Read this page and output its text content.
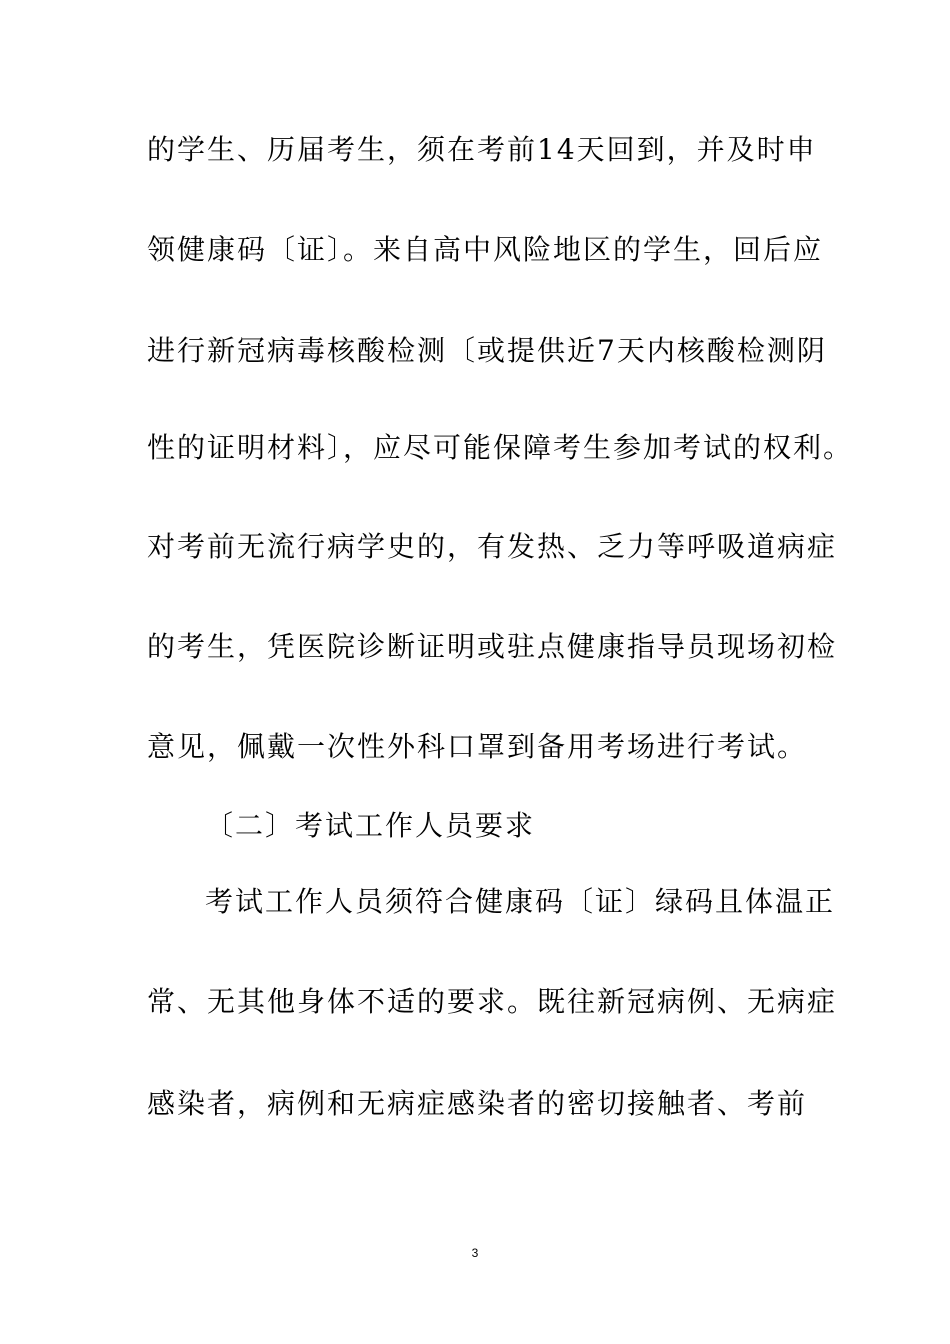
的学生、历届考生，须在考前14天回到，并及时申
领健康码〔证〕。来自高中风险地区的学生，回后应
进行新冠病毒核酸检测〔或提供近7天内核酸检测阴
性的证明材料〕，应尽可能保障考生参加考试的权利。
对考前无流行病学史的，有发热、乏力等呼吸道病症
的考生，凭医院诊断证明或驻点健康指导员现场初检
意见，佩戴一次性外科口罩到备用考场进行考试。
〔二〕考试工作人员要求
考试工作人员须符合健康码〔证〕绿码且体温正
常、无其他身体不适的要求。既往新冠病例、无病症
感染者，病例和无病症感染者的密切接触者、考前
3
